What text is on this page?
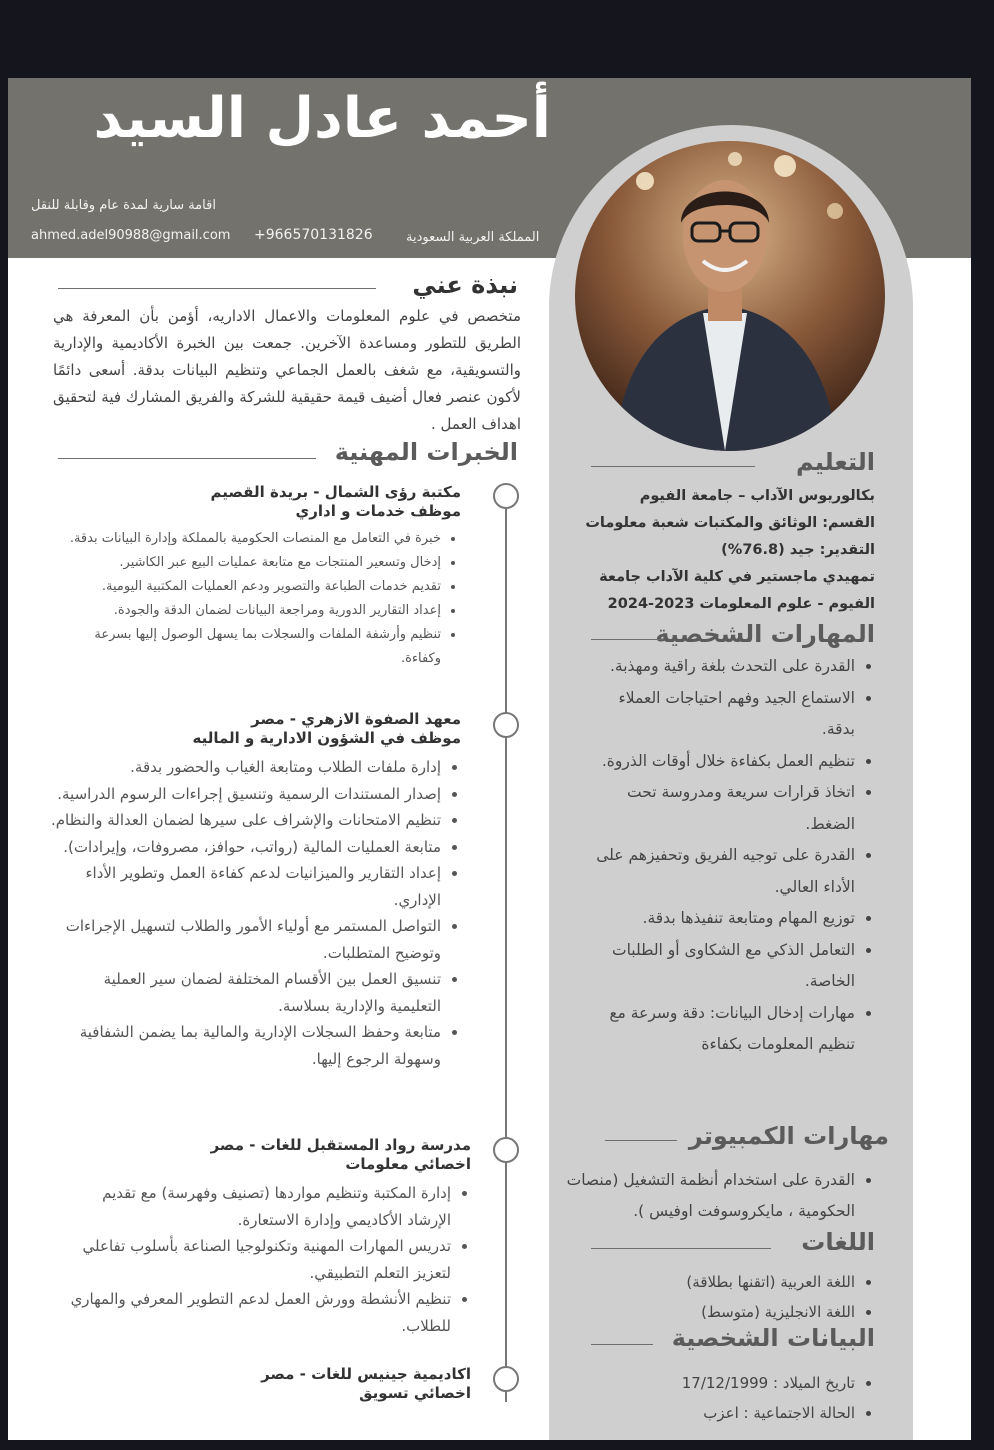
أحمد عادل السيد
اقامة سارية لمدة عام وقابلة للنقل
ahmed.adel90988@gmail.com +966570131826	المملكة العربية السعودية
نبذة عني
متخصص في علوم المعلومات والاعمال الاداريه، أؤمن بأن المعرفة هي الطريق للتطور ومساعدة الآخرين. جمعت بين الخبرة الأكاديمية والإدارية والتسويقية، مع شغف بالعمل الجماعي وتنظيم البيانات بدقة. أسعى دائمًا لأكون عنصر فعال أضيف قيمة حقيقية للشركة والفريق المشارك فية لتحقيق اهداف العمل .
الخبرات المهنية
مكتبة رؤى الشمال - بريدة القصيم
موظف خدمات و اداري
• خبرة في التعامل مع المنصات الحكومية بالمملكة وإدارة البيانات بدقة.
• إدخال وتسعير المنتجات مع متابعة عمليات البيع عبر الكاشير.
• تقديم خدمات الطباعة والتصوير ودعم العمليات المكتبية اليومية.
• إعداد التقارير الدورية ومراجعة البيانات لضمان الدقة والجودة.
• تنظيم وأرشفة الملفات والسجلات بما يسهل الوصول إليها بسرعة وكفاءة.
معهد الصفوة الازهري - مصر
موظف في الشؤون الادارية و الماليه
• إدارة ملفات الطلاب ومتابعة الغياب والحضور بدقة.
• إصدار المستندات الرسمية وتنسيق إجراءات الرسوم الدراسية.
• تنظيم الامتحانات والإشراف على سيرها لضمان العدالة والنظام.
• متابعة العمليات المالية (رواتب، حوافز، مصروفات، وإيرادات).
• إعداد التقارير والميزانيات لدعم كفاءة العمل وتطوير الأداء الإداري.
• التواصل المستمر مع أولياء الأمور والطلاب لتسهيل الإجراءات وتوضيح المتطلبات.
• تنسيق العمل بين الأقسام المختلفة لضمان سير العملية التعليمية والإدارية بسلاسة.
• متابعة وحفظ السجلات الإدارية والمالية بما يضمن الشفافية وسهولة الرجوع إليها.
مدرسة رواد المستقبل للغات - مصر
اخصائي معلومات
• إدارة المكتبة وتنظيم مواردها (تصنيف وفهرسة) مع تقديم الإرشاد الأكاديمي وإدارة الاستعارة.
• تدريس المهارات المهنية وتكنولوجيا الصناعة بأسلوب تفاعلي لتعزيز التعلم التطبيقي.
• تنظيم الأنشطة وورش العمل لدعم التطوير المعرفي والمهاري للطلاب.
اكاديمية جينيس للغات - مصر
اخصائي تسويق
التعليم
بكالوريوس الآداب – جامعة الفيوم
القسم: الوثائق والمكتبات شعبة معلومات
التقدير: جيد (76.8%)
تمهيدي ماجستير في كلية الآداب جامعة
الفيوم - علوم المعلومات 2023-2024
المهارات الشخصية
• القدرة على التحدث بلغة راقية ومهذبة.
• الاستماع الجيد وفهم احتياجات العملاء بدقة.
• تنظيم العمل بكفاءة خلال أوقات الذروة.
• اتخاذ قرارات سريعة ومدروسة تحت الضغط.
• القدرة على توجيه الفريق وتحفيزهم على الأداء العالي.
• توزيع المهام ومتابعة تنفيذها بدقة.
• التعامل الذكي مع الشكاوى أو الطلبات الخاصة.
• مهارات إدخال البيانات: دقة وسرعة مع تنظيم المعلومات بكفاءة
مهارات الكمبيوتر
• القدرة على استخدام أنظمة التشغيل (منصات الحكومية ، مايكروسوفت اوفيس ).
اللغات
• اللغة العربية (اتقنها بطلاقة)
• اللغة الانجليزية (متوسط)
البيانات الشخصية
• تاريخ الميلاد : 17/12/1999
• الحالة الاجتماعية : اعزب
